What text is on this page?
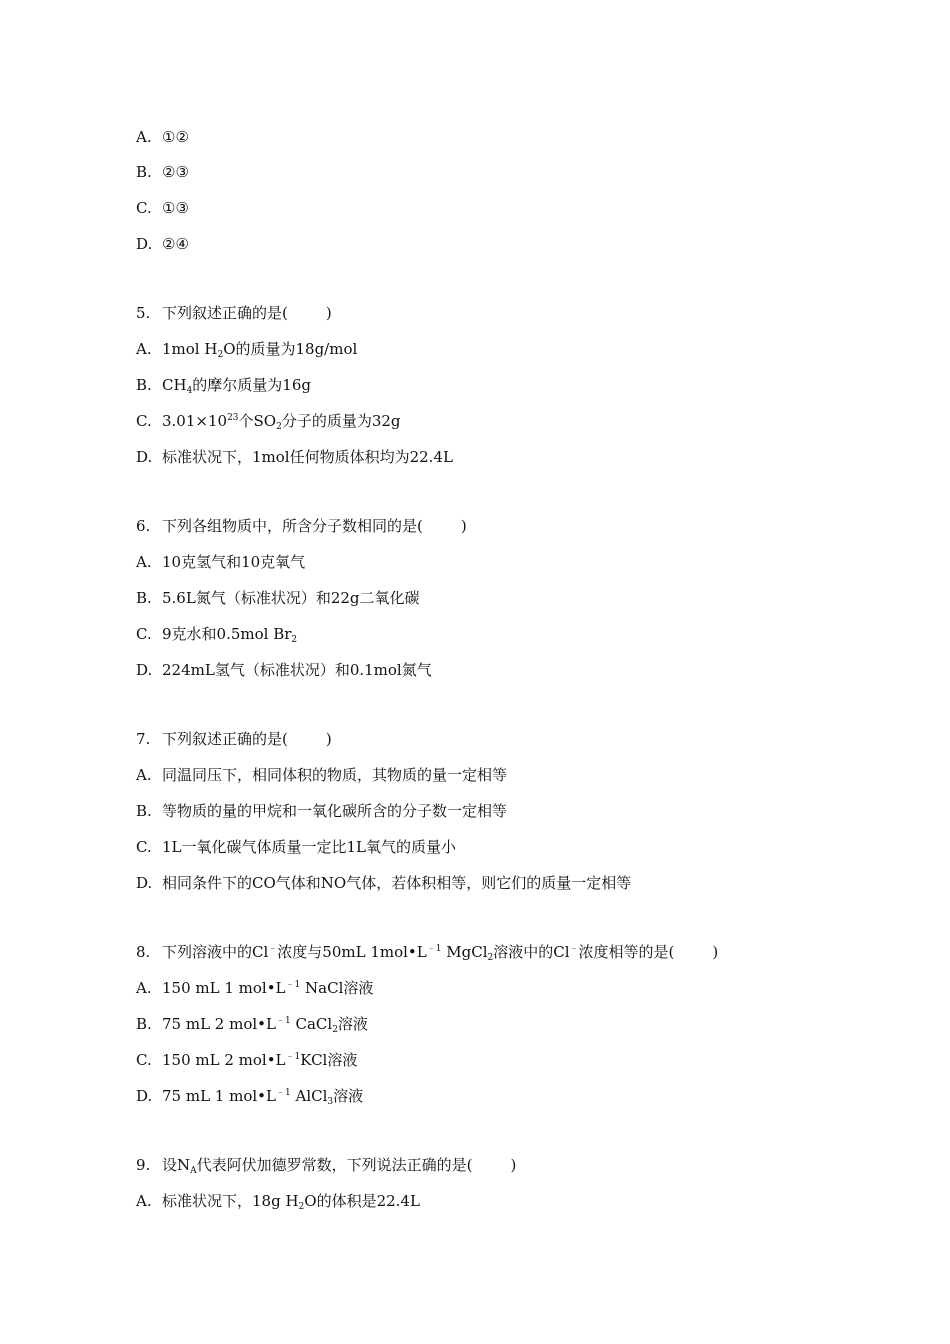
A. ①②
B. ②③
C. ①③
D. ②④
5. 下列叙述正确的是(	)
A. 1mol $H_2O$的质量为18g/mol
B. $CH_4$的摩尔质量为16g
C. $3.01\times 10^{23}$个$SO_2$分子的质量为32g
D. 标准状况下，1mol任何物质体积均为22.4L
6. 下列各组物质中，所含分子数相同的是(	)
A. 10克氢气和10克氧气
B. 5.6L氮气（标准状况）和22g二氧化碳
C. 9克水和0.5mol $Br_2$
D. 224mL氢气（标准状况）和0.1mol氮气
7. 下列叙述正确的是(	)
A. 同温同压下，相同体积的物质，其物质的量一定相等
B. 等物质的量的甲烷和一氧化碳所含的分子数一定相等
C. 1L一氧化碳气体质量一定比1L氧气的质量小
D. 相同条件下的CO气体和NO气体，若体积相等，则它们的质量一定相等
8. 下列溶液中的Cl﹣浓度与50mL $1mol•L^{﹣1}$ MgCl$_2$溶液中的Cl﹣浓度相等的是(	)
A. 150 mL 1 $mol•L^{﹣1}$ NaCl溶液
B. 75 mL 2 $mol•L^{﹣1}$ CaCl$_2$溶液
C. 150 mL 2 $mol•L^{﹣1}KCl$溶液
D. 75 mL 1 $mol•L^{﹣1}$ AlCl$_3$溶液
9. 设$N_A$代表阿伏加德罗常数，下列说法正确的是(	)
A. 标准状况下，18g $H_2O$的体积是22.4L
